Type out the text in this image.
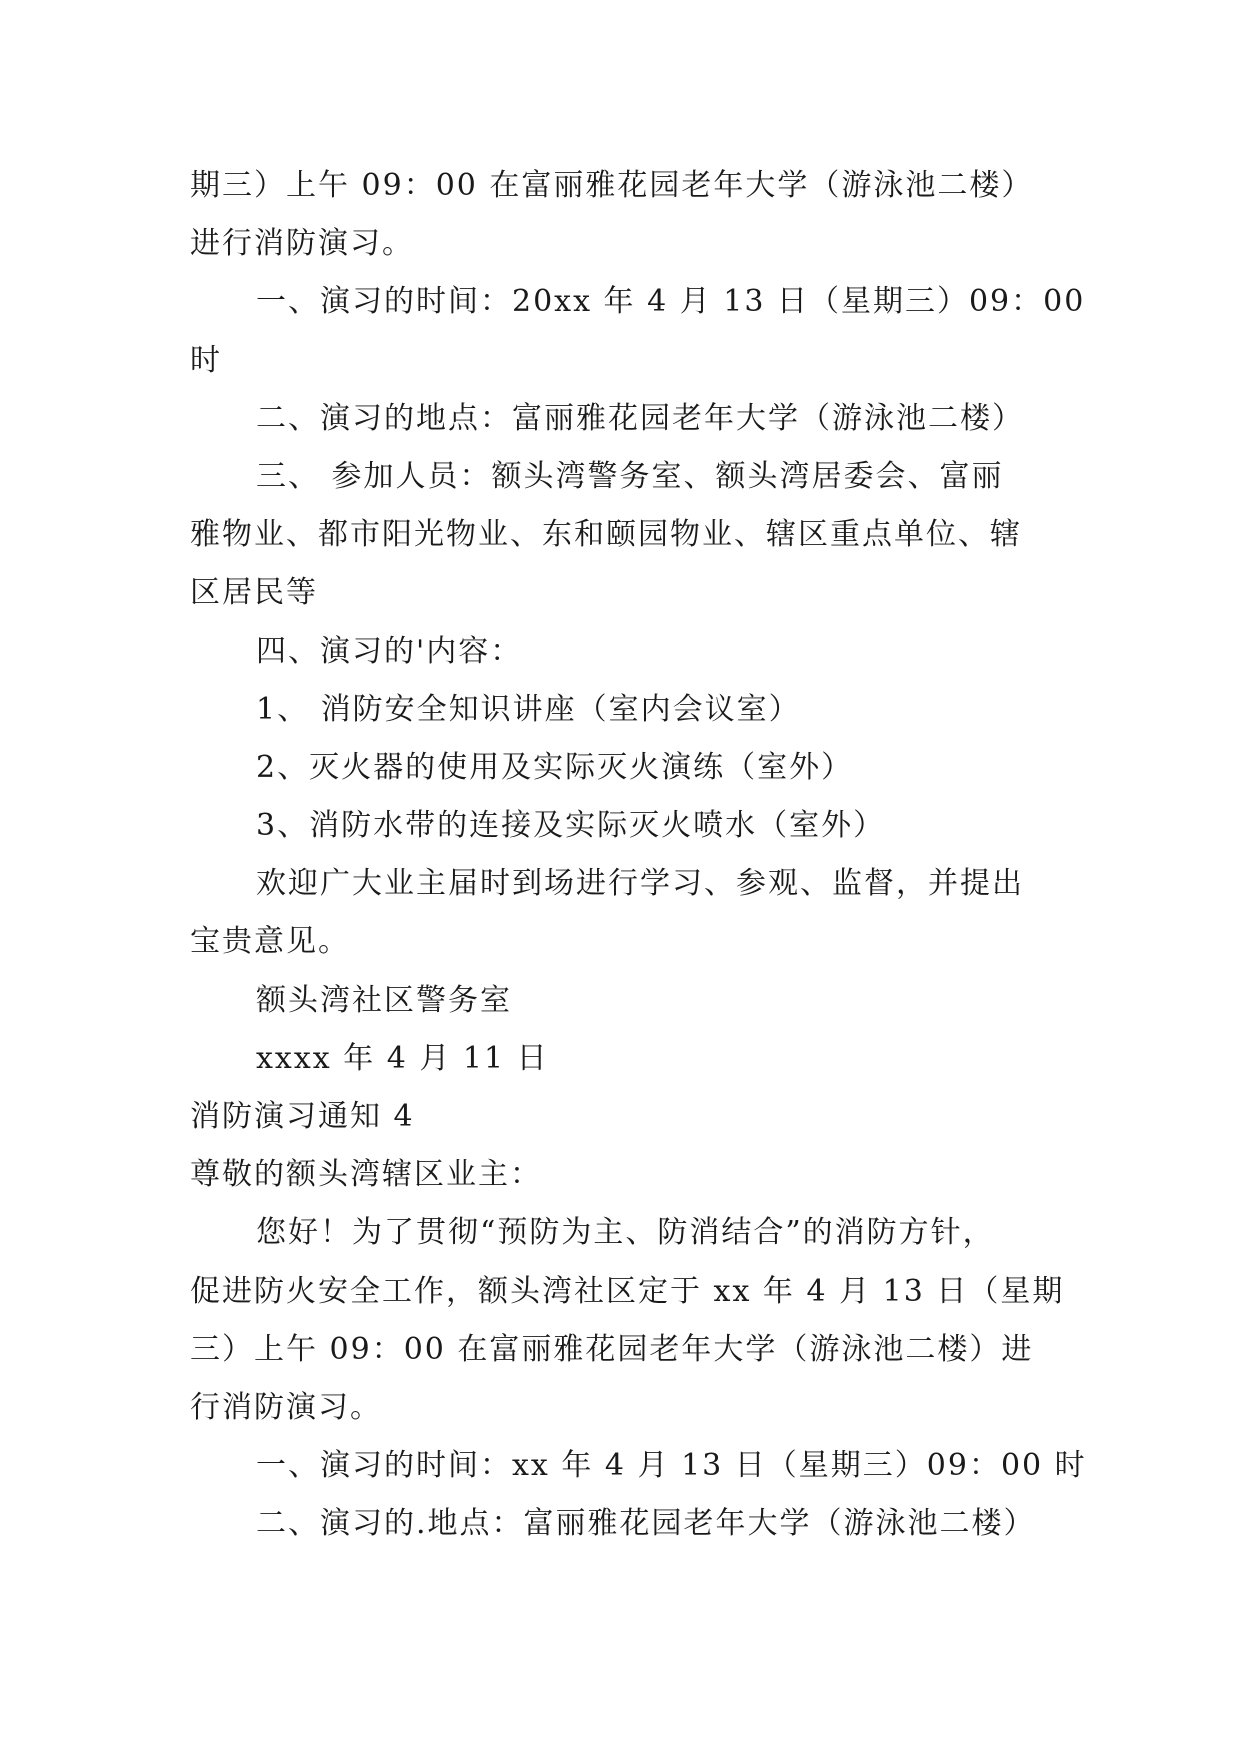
期三）上午 09：00 在富丽雅花园老年大学（游泳池二楼）
进行消防演习。
一、演习的时间：20xx 年 4 月 13 日（星期三）09：00
时
二、演习的地点：富丽雅花园老年大学（游泳池二楼）
三、 参加人员：额头湾警务室、额头湾居委会、富丽
雅物业、都市阳光物业、东和颐园物业、辖区重点单位、辖
区居民等
四、演习的'内容：
1、 消防安全知识讲座（室内会议室）
2、灭火器的使用及实际灭火演练（室外）
3、消防水带的连接及实际灭火喷水（室外）
欢迎广大业主届时到场进行学习、参观、监督，并提出
宝贵意见。
额头湾社区警务室
xxxx 年 4 月 11 日
消防演习通知 4
尊敬的额头湾辖区业主：
您好！为了贯彻“预防为主、防消结合”的消防方针，
促进防火安全工作，额头湾社区定于 xx 年 4 月 13 日（星期
三）上午 09：00 在富丽雅花园老年大学（游泳池二楼）进
行消防演习。
一、演习的时间：xx 年 4 月 13 日（星期三）09：00 时
二、演习的.地点：富丽雅花园老年大学（游泳池二楼）
